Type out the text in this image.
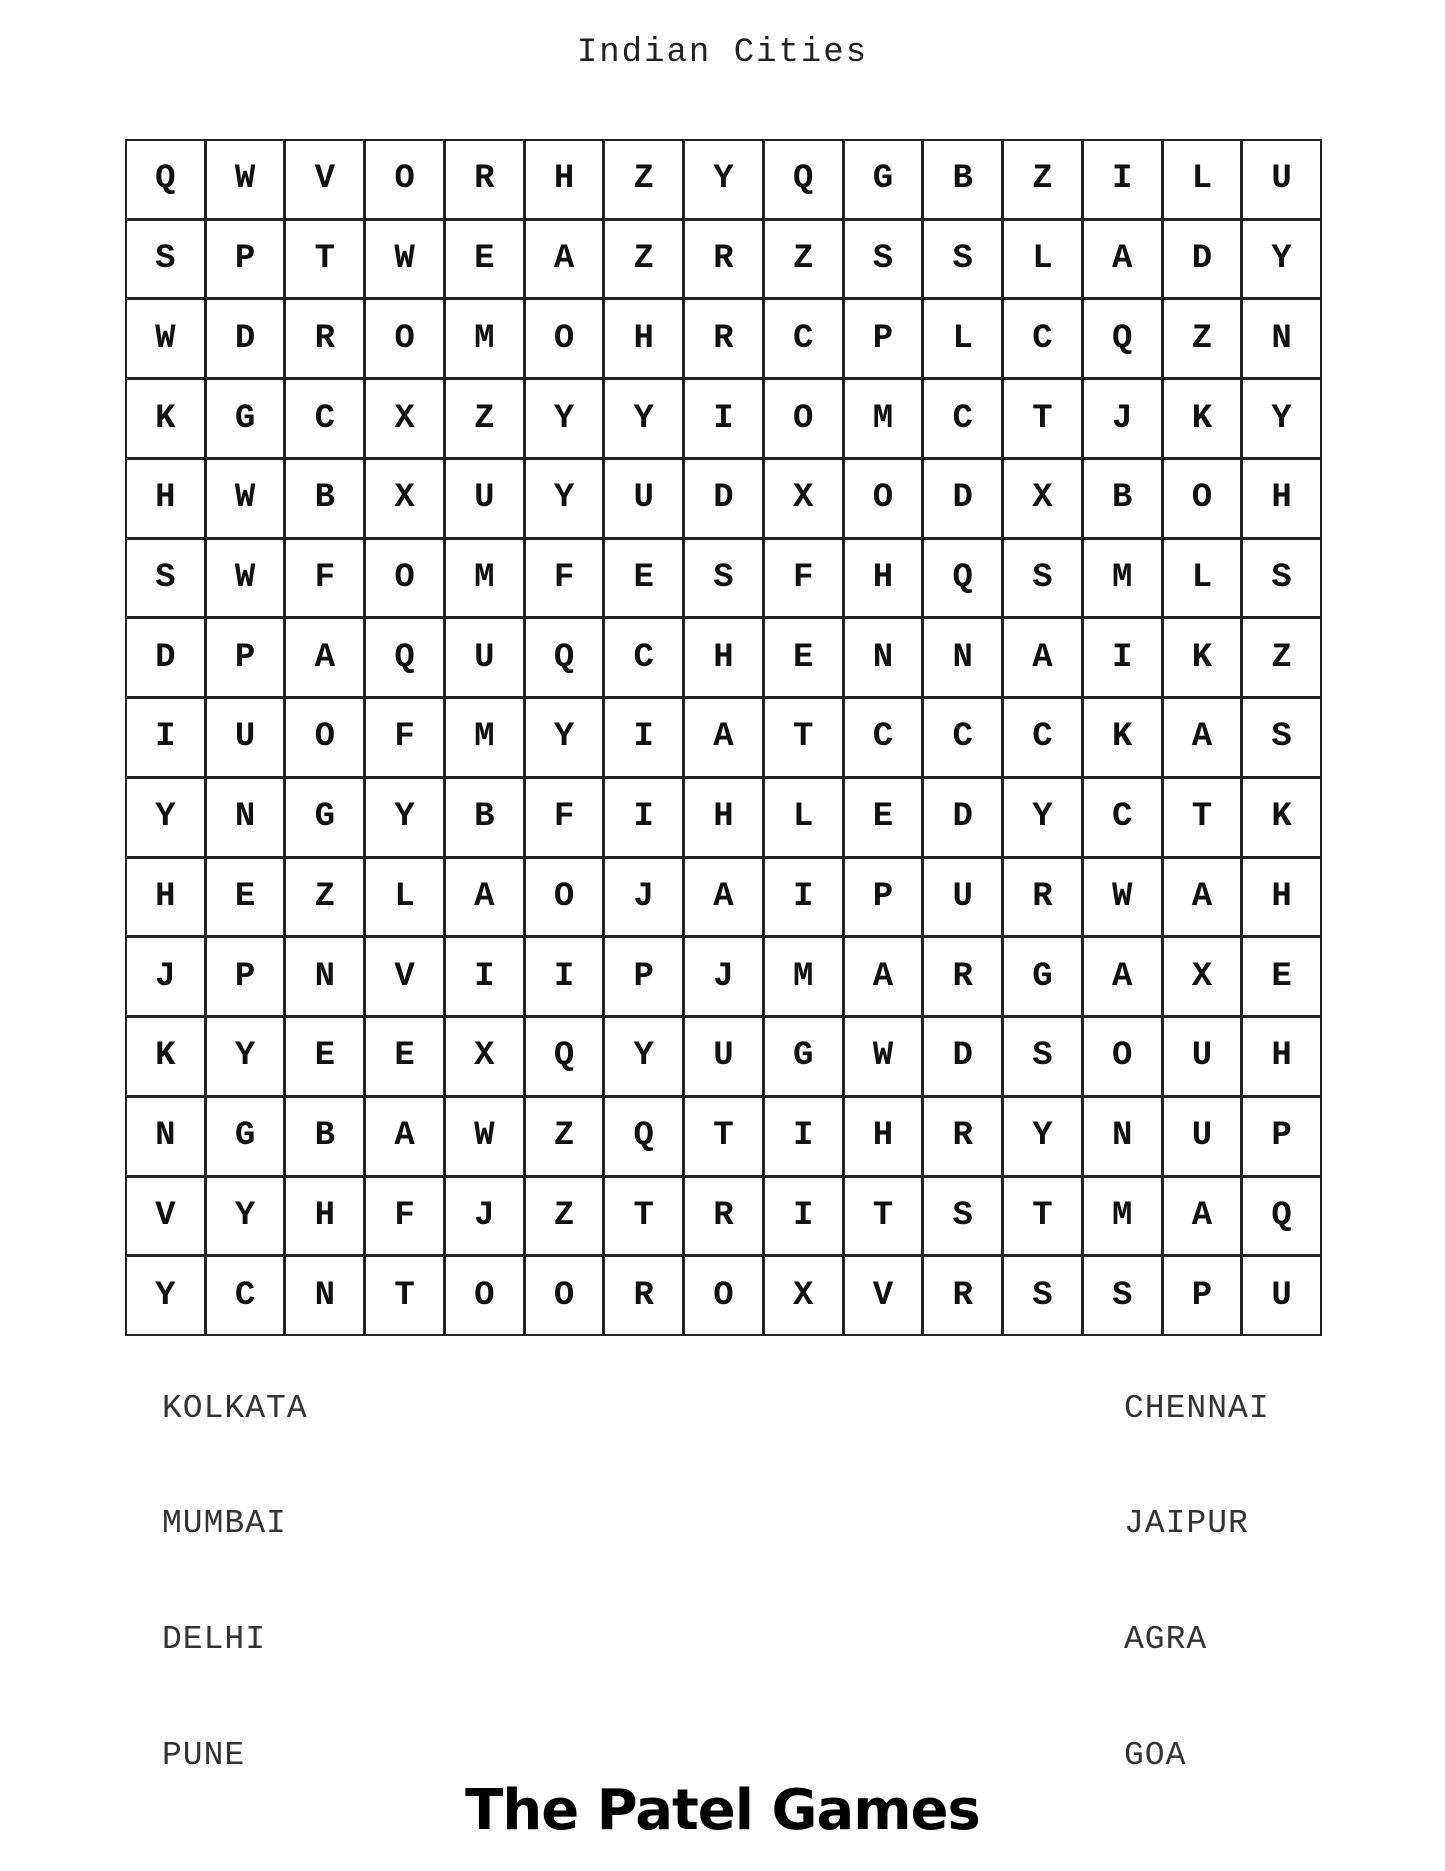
Indian Cities
Q	W	V	O	R	H	Z	Y	Q	G	B	Z	I	L	U
S	P	T	W	E	A	Z	R	Z	S	S	L	A	D	Y
W	D	R	O	M	O	H	R	C	P	L	C	Q	Z	N
K	G	C	X	Z	Y	Y	I	O	M	C	T	J	K	Y
H	W	B	X	U	Y	U	D	X	O	D	X	B	O	H
S	W	F	O	M	F	E	S	F	H	Q	S	M	L	S
D	P	A	Q	U	Q	C	H	E	N	N	A	I	K	Z
I	U	O	F	M	Y	I	A	T	C	C	C	K	A	S
Y	N	G	Y	B	F	I	H	L	E	D	Y	C	T	K
H	E	Z	L	A	O	J	A	I	P	U	R	W	A	H
J	P	N	V	I	I	P	J	M	A	R	G	A	X	E
K	Y	E	E	X	Q	Y	U	G	W	D	S	O	U	H
N	G	B	A	W	Z	Q	T	I	H	R	Y	N	U	P
V	Y	H	F	J	Z	T	R	I	T	S	T	M	A	Q
Y	C	N	T	O	O	R	O	X	V	R	S	S	P	U
KOLKATA
MUMBAI
DELHI
PUNE
CHENNAI
JAIPUR
AGRA
GOA
The Patel Games
